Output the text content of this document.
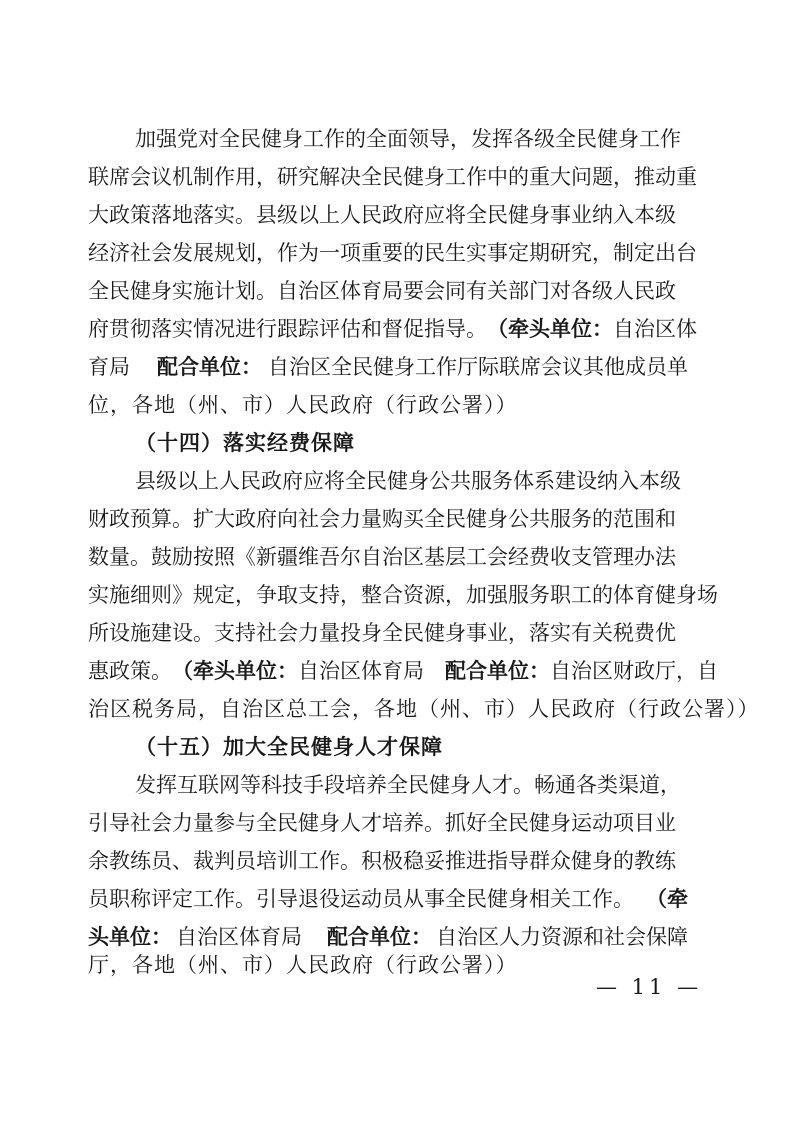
加强党对全民健身工作的全面领导，发挥各级全民健身工作
联席会议机制作用，研究解决全民健身工作中的重大问题，推动重
大政策落地落实。县级以上人民政府应将全民健身事业纳入本级
经济社会发展规划，作为一项重要的民生实事定期研究，制定出台
全民健身实施计划。自治区体育局要会同有关部门对各级人民政
府贯彻落实情况进行跟踪评估和督促指导。 （牵头单位： 自治区体
育局　 配合单位： 自治区全民健身工作厅际联席会议其他成员单
位，各地（州、市）人民政府（行政公署））
（十四）落实经费保障
县级以上人民政府应将全民健身公共服务体系建设纳入本级
财政预算。扩大政府向社会力量购买全民健身公共服务的范围和
数量。鼓励按照《新疆维吾尔自治区基层工会经费收支管理办法
实施细则》规定，争取支持，整合资源，加强服务职工的体育健身场
所设施建设。支持社会力量投身全民健身事业，落实有关税费优
惠政策。 （牵头单位： 自治区体育局　 配合单位： 自治区财政厅，自
治区税务局，自治区总工会，各地（州、市）人民政府（行政公署））
（十五）加大全民健身人才保障
发挥互联网等科技手段培养全民健身人才。畅通各类渠道，
引导社会力量参与全民健身人才培养。抓好全民健身运动项目业
余教练员、裁判员培训工作。积极稳妥推进指导群众健身的教练
员职称评定工作。引导退役运动员从事全民健身相关工作。 （牵
头单位： 自治区体育局　 配合单位： 自治区人力资源和社会保障
厅，各地（州、市）人民政府（行政公署））
— 11 —
